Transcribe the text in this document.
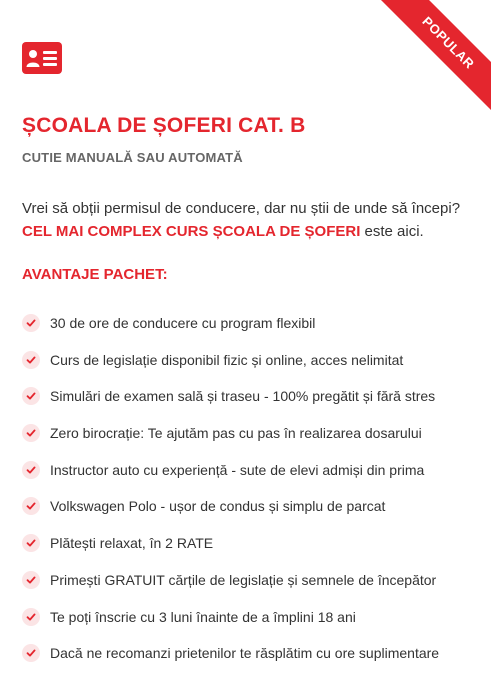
POPULAR
ȘCOALA DE ȘOFERI CAT. B
CUTIE MANUALĂ SAU AUTOMATĂ
Vrei să obții permisul de conducere, dar nu știi de unde să începi?
CEL MAI COMPLEX CURS ȘCOALA DE ȘOFERI este aici.
AVANTAJE PACHET:
30 de ore de conducere cu program flexibil
Curs de legislație disponibil fizic și online, acces nelimitat
Simulări de examen sală și traseu - 100% pregătit și fără stres
Zero birocrație: Te ajutăm pas cu pas în realizarea dosarului
Instructor auto cu experiență - sute de elevi admiși din prima
Volkswagen Polo - ușor de condus și simplu de parcat
Plătești relaxat, în 2 RATE
Primești GRATUIT cărțile de legislație și semnele de începător
Te poți înscrie cu 3 luni înainte de a împlini 18 ani
Dacă ne recomanzi prietenilor te răsplătim cu ore suplimentare
